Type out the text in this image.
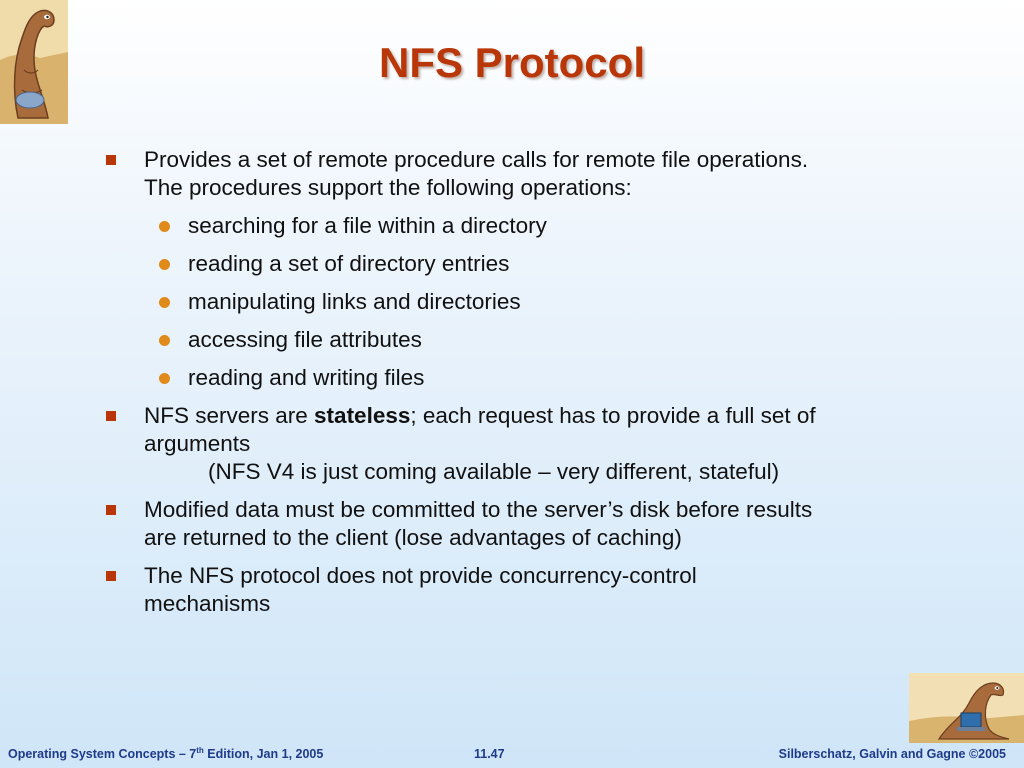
NFS Protocol
Provides a set of remote procedure calls for remote file operations.
The procedures support the following operations:
searching for a file within a directory
reading a set of directory entries
manipulating links and directories
accessing file attributes
reading and writing files
NFS servers are stateless; each request has to provide a full set of
arguments

(NFS V4 is just coming available – very different, stateful)
Modified data must be committed to the server’s disk before results
are returned to the client (lose advantages of caching)
The NFS protocol does not provide concurrency-control
mechanisms
Operating System Concepts – 7th Edition, Jan 1, 2005	11.47	Silberschatz, Galvin and Gagne ©2005
